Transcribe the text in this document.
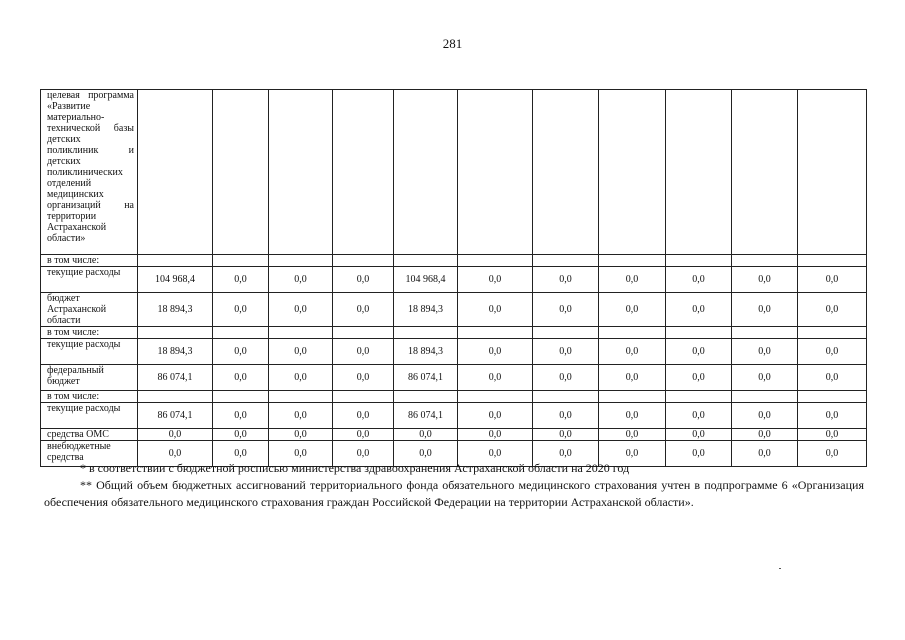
281
целевая программа «Развитие материально-технической базы детских поликлиник и детских поликлинических отделений медицинских организаций на территории Астраханской области»											
в том числе:											
текущие расходы	104 968,4	0,0	0,0	0,0	104 968,4	0,0	0,0	0,0	0,0	0,0	0,0
бюджет Астраханской области	18 894,3	0,0	0,0	0,0	18 894,3	0,0	0,0	0,0	0,0	0,0	0,0
в том числе:											
текущие расходы	18 894,3	0,0	0,0	0,0	18 894,3	0,0	0,0	0,0	0,0	0,0	0,0
федеральный бюджет	86 074,1	0,0	0,0	0,0	86 074,1	0,0	0,0	0,0	0,0	0,0	0,0
в том числе:											
текущие расходы	86 074,1	0,0	0,0	0,0	86 074,1	0,0	0,0	0,0	0,0	0,0	0,0
средства ОМС	0,0	0,0	0,0	0,0	0,0	0,0	0,0	0,0	0,0	0,0	0,0
внебюджетные средства	0,0	0,0	0,0	0,0	0,0	0,0	0,0	0,0	0,0	0,0	0,0
* в соответствии с бюджетной росписью министерства здравоохранения Астраханской области на 2020 год
** Общий объем бюджетных ассигнований территориального фонда обязательного медицинского страхования учтен в подпрограмме 6 «Организация обеспечения обязательного медицинского страхования граждан Российской Федерации на территории Астраханской области».
